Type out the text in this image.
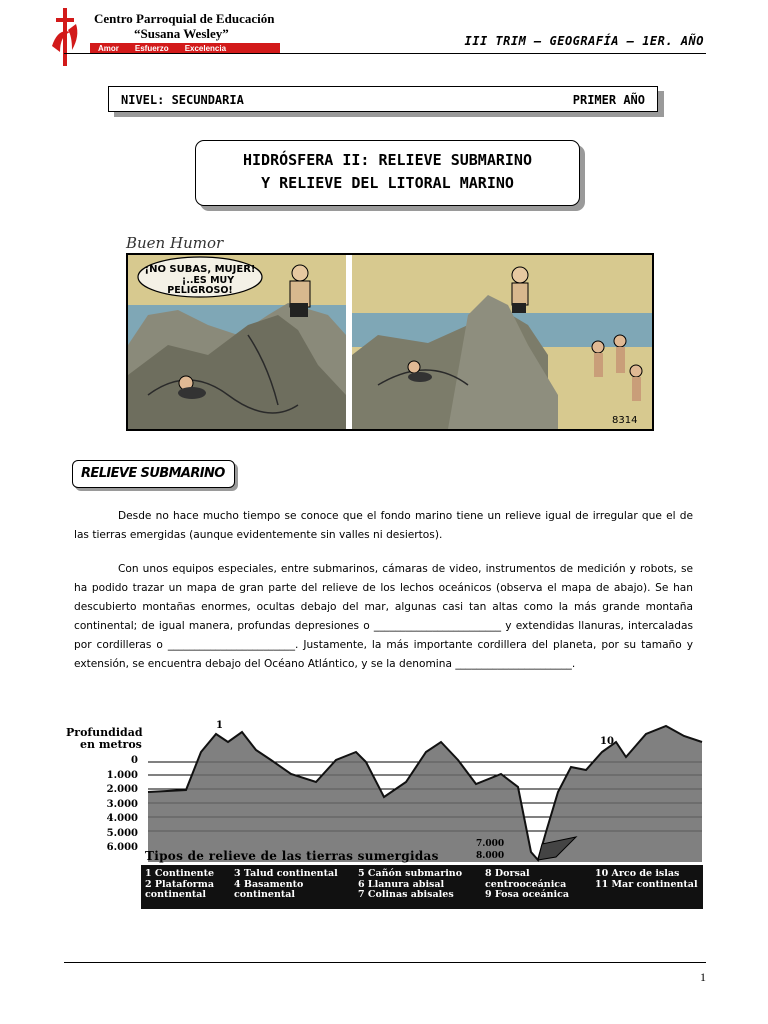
Centro Parroquial de Educación
“Susana Wesley”
Amor Esfuerzo Excelencia
III TRIM – GEOGRAFÍA – 1ER. AÑO
NIVEL: SECUNDARIA	PRIMER AÑO
HIDRÓSFERA II: RELIEVE SUBMARINO
Y RELIEVE DEL LITORAL MARINO
Buen Humor
¡NO SUBAS, MUJER!
¡..ES MUY
PELIGROSO!
8314
RELIEVE SUBMARINO
Desde no hace mucho tiempo se conoce que el fondo marino tiene un relieve igual de irregular que el de las tierras emergidas (aunque evidentemente sin valles ni desiertos).
Con unos equipos especiales, entre submarinos, cámaras de video, instrumentos de medición y robots, se ha podido trazar un mapa de gran parte del relieve de los lechos oceánicos (observa el mapa de abajo). Se han descubierto montañas enormes, ocultas debajo del mar, algunas casi tan altas como la más grande montaña continental; de igual manera, profundas depresiones o ________________________ y extendidas llanuras, intercaladas por cordilleras o ________________________. Justamente, la más importante cordillera del planeta, por su tamaño y extensión, se encuentra debajo del Océano Atlántico, y se la denomina ______________________.
1
10
Profundidad
en metros
0
1.000
2.000
3.000
4.000
5.000
6.000	7.000
8.000
Tipos de relieve de las tierras sumergidas
1 Continente
2 Plataforma
continental
3 Talud continental
4 Basamento
continental
5 Cañón submarino
6 Llanura abisal
7 Colinas abisales
8 Dorsal
centrooceánica
9 Fosa oceánica
10 Arco de islas
11 Mar continental
1
